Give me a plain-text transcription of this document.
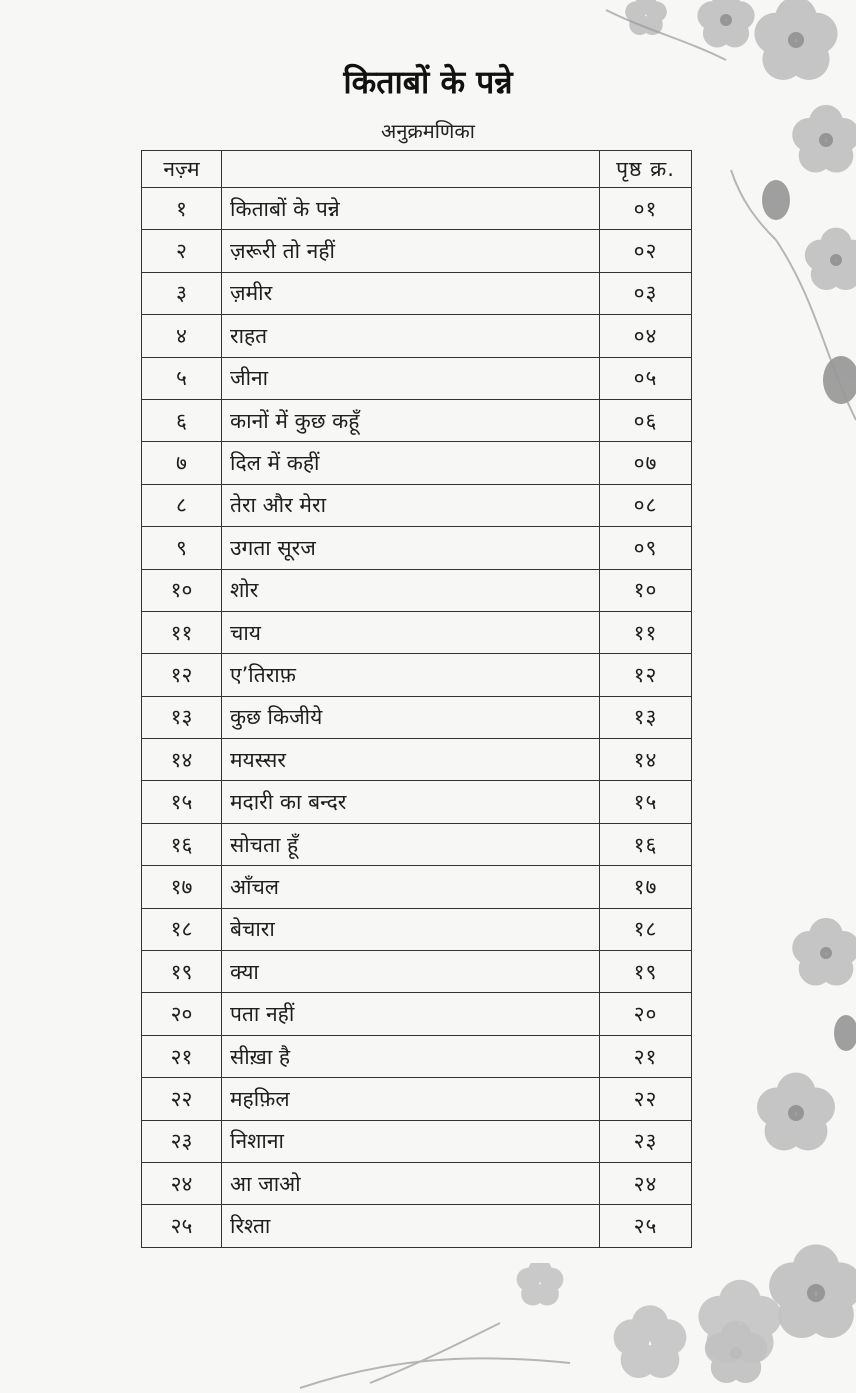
किताबों के पन्ने
अनुक्रमणिका
नज़्म		पृष्ठ क्र.
१	किताबों के पन्ने	०१
२	ज़रूरी तो नहीं	०२
३	ज़मीर	०३
४	राहत	०४
५	जीना	०५
६	कानों में कुछ कहूँ	०६
७	दिल में कहीं	०७
८	तेरा और मेरा	०८
९	उगता सूरज	०९
१०	शोर	१०
११	चाय	११
१२	ए’तिराफ़	१२
१३	कुछ किजीये	१३
१४	मयस्सर	१४
१५	मदारी का बन्दर	१५
१६	सोचता हूँ	१६
१७	आँचल	१७
१८	बेचारा	१८
१९	क्या	१९
२०	पता नहीं	२०
२१	सीख़ा है	२१
२२	महफ़िल	२२
२३	निशाना	२३
२४	आ जाओ	२४
२५	रिश्ता	२५
